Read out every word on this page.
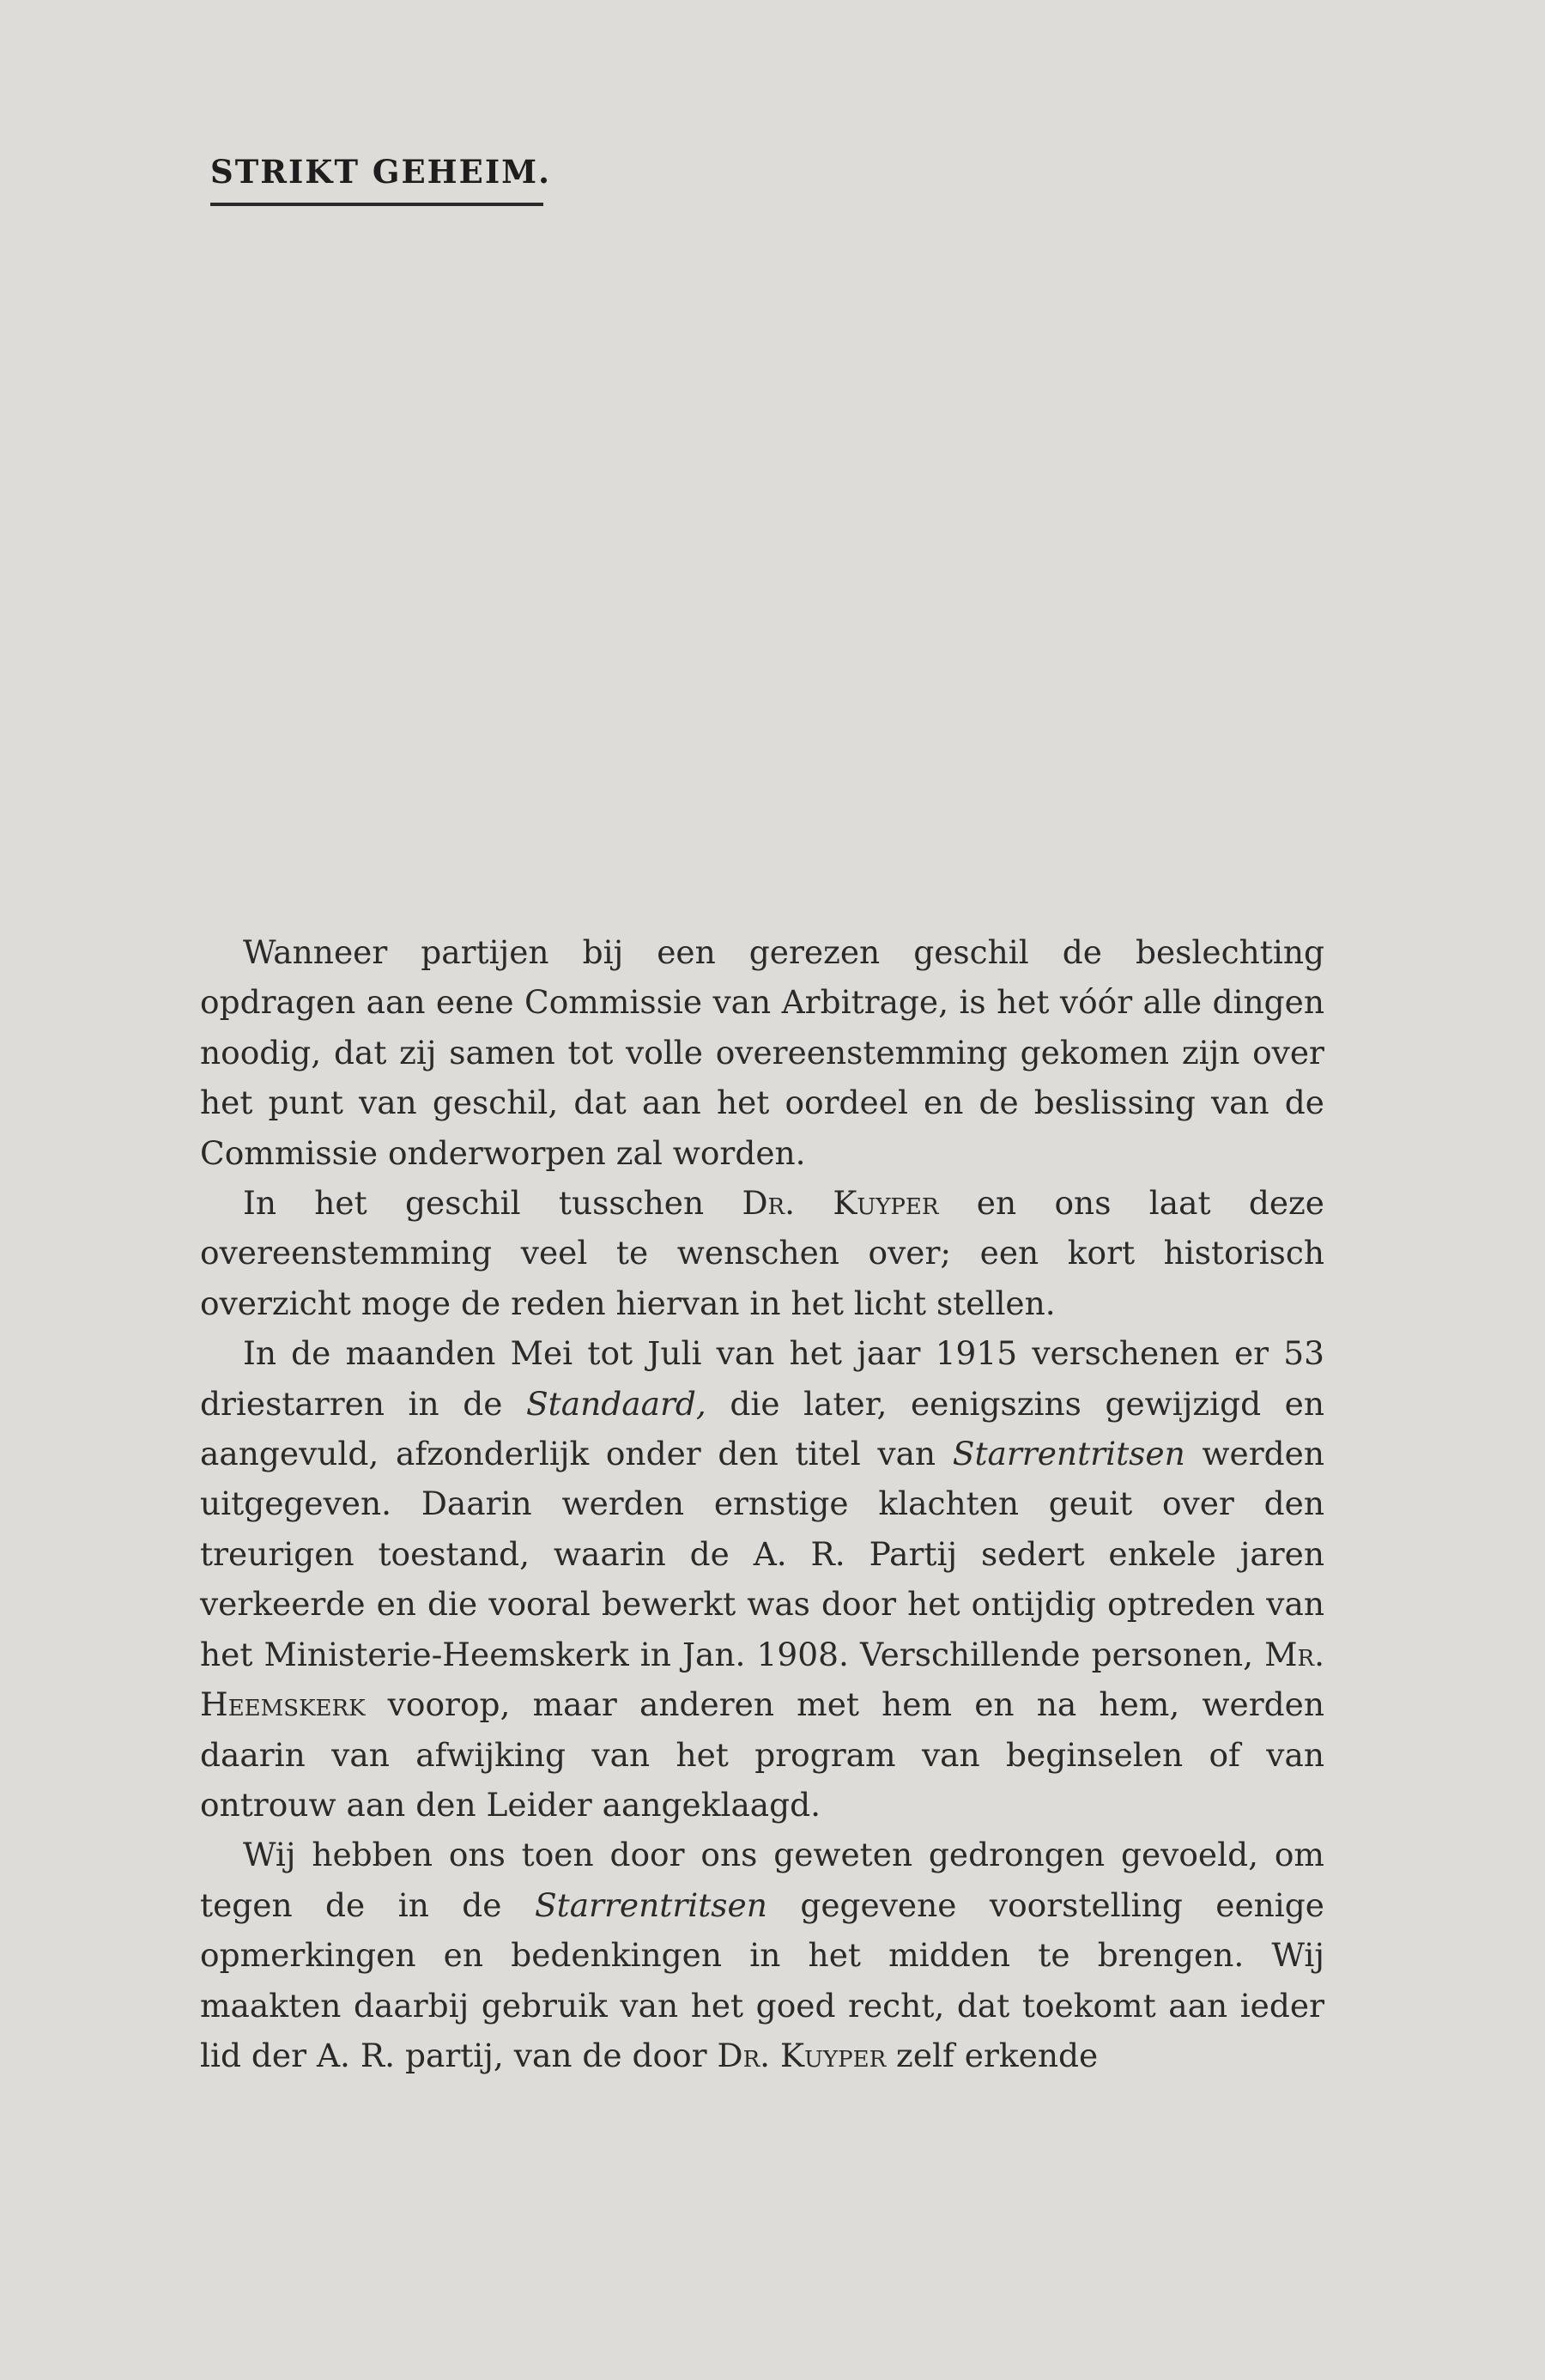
STRIKT GEHEIM.

Wanneer partijen bij een gerezen geschil de beslechting opdragen aan eene Commissie van Arbitrage, is het vóór alle dingen noodig, dat zij samen tot volle overeenstemming gekomen zijn over het punt van geschil, dat aan het oordeel en de beslissing van de Commissie onderworpen zal worden.

In het geschil tusschen Dr. Kuyper en ons laat deze overeenstemming veel te wenschen over; een kort historisch overzicht moge de reden hiervan in het licht stellen.

In de maanden Mei tot Juli van het jaar 1915 verschenen er 53 driestarren in de Standaard, die later, eenigszins gewijzigd en aangevuld, afzonderlijk onder den titel van Starrentritsen werden uitgegeven. Daarin werden ernstige klachten geuit over den treurigen toestand, waarin de A. R. Partij sedert enkele jaren verkeerde en die vooral bewerkt was door het ontijdig optreden van het Ministerie-Heemskerk in Jan. 1908. Verschillende personen, Mr. Heemskerk voorop, maar anderen met hem en na hem, werden daarin van afwijking van het program van beginselen of van ontrouw aan den Leider aangeklaagd.

Wij hebben ons toen door ons geweten gedrongen gevoeld, om tegen de in de Starrentritsen gegevene voorstelling eenige opmerkingen en bedenkingen in het midden te brengen. Wij maakten daarbij gebruik van het goed recht, dat toekomt aan ieder lid der A. R. partij, van de door Dr. Kuyper zelf erkende
